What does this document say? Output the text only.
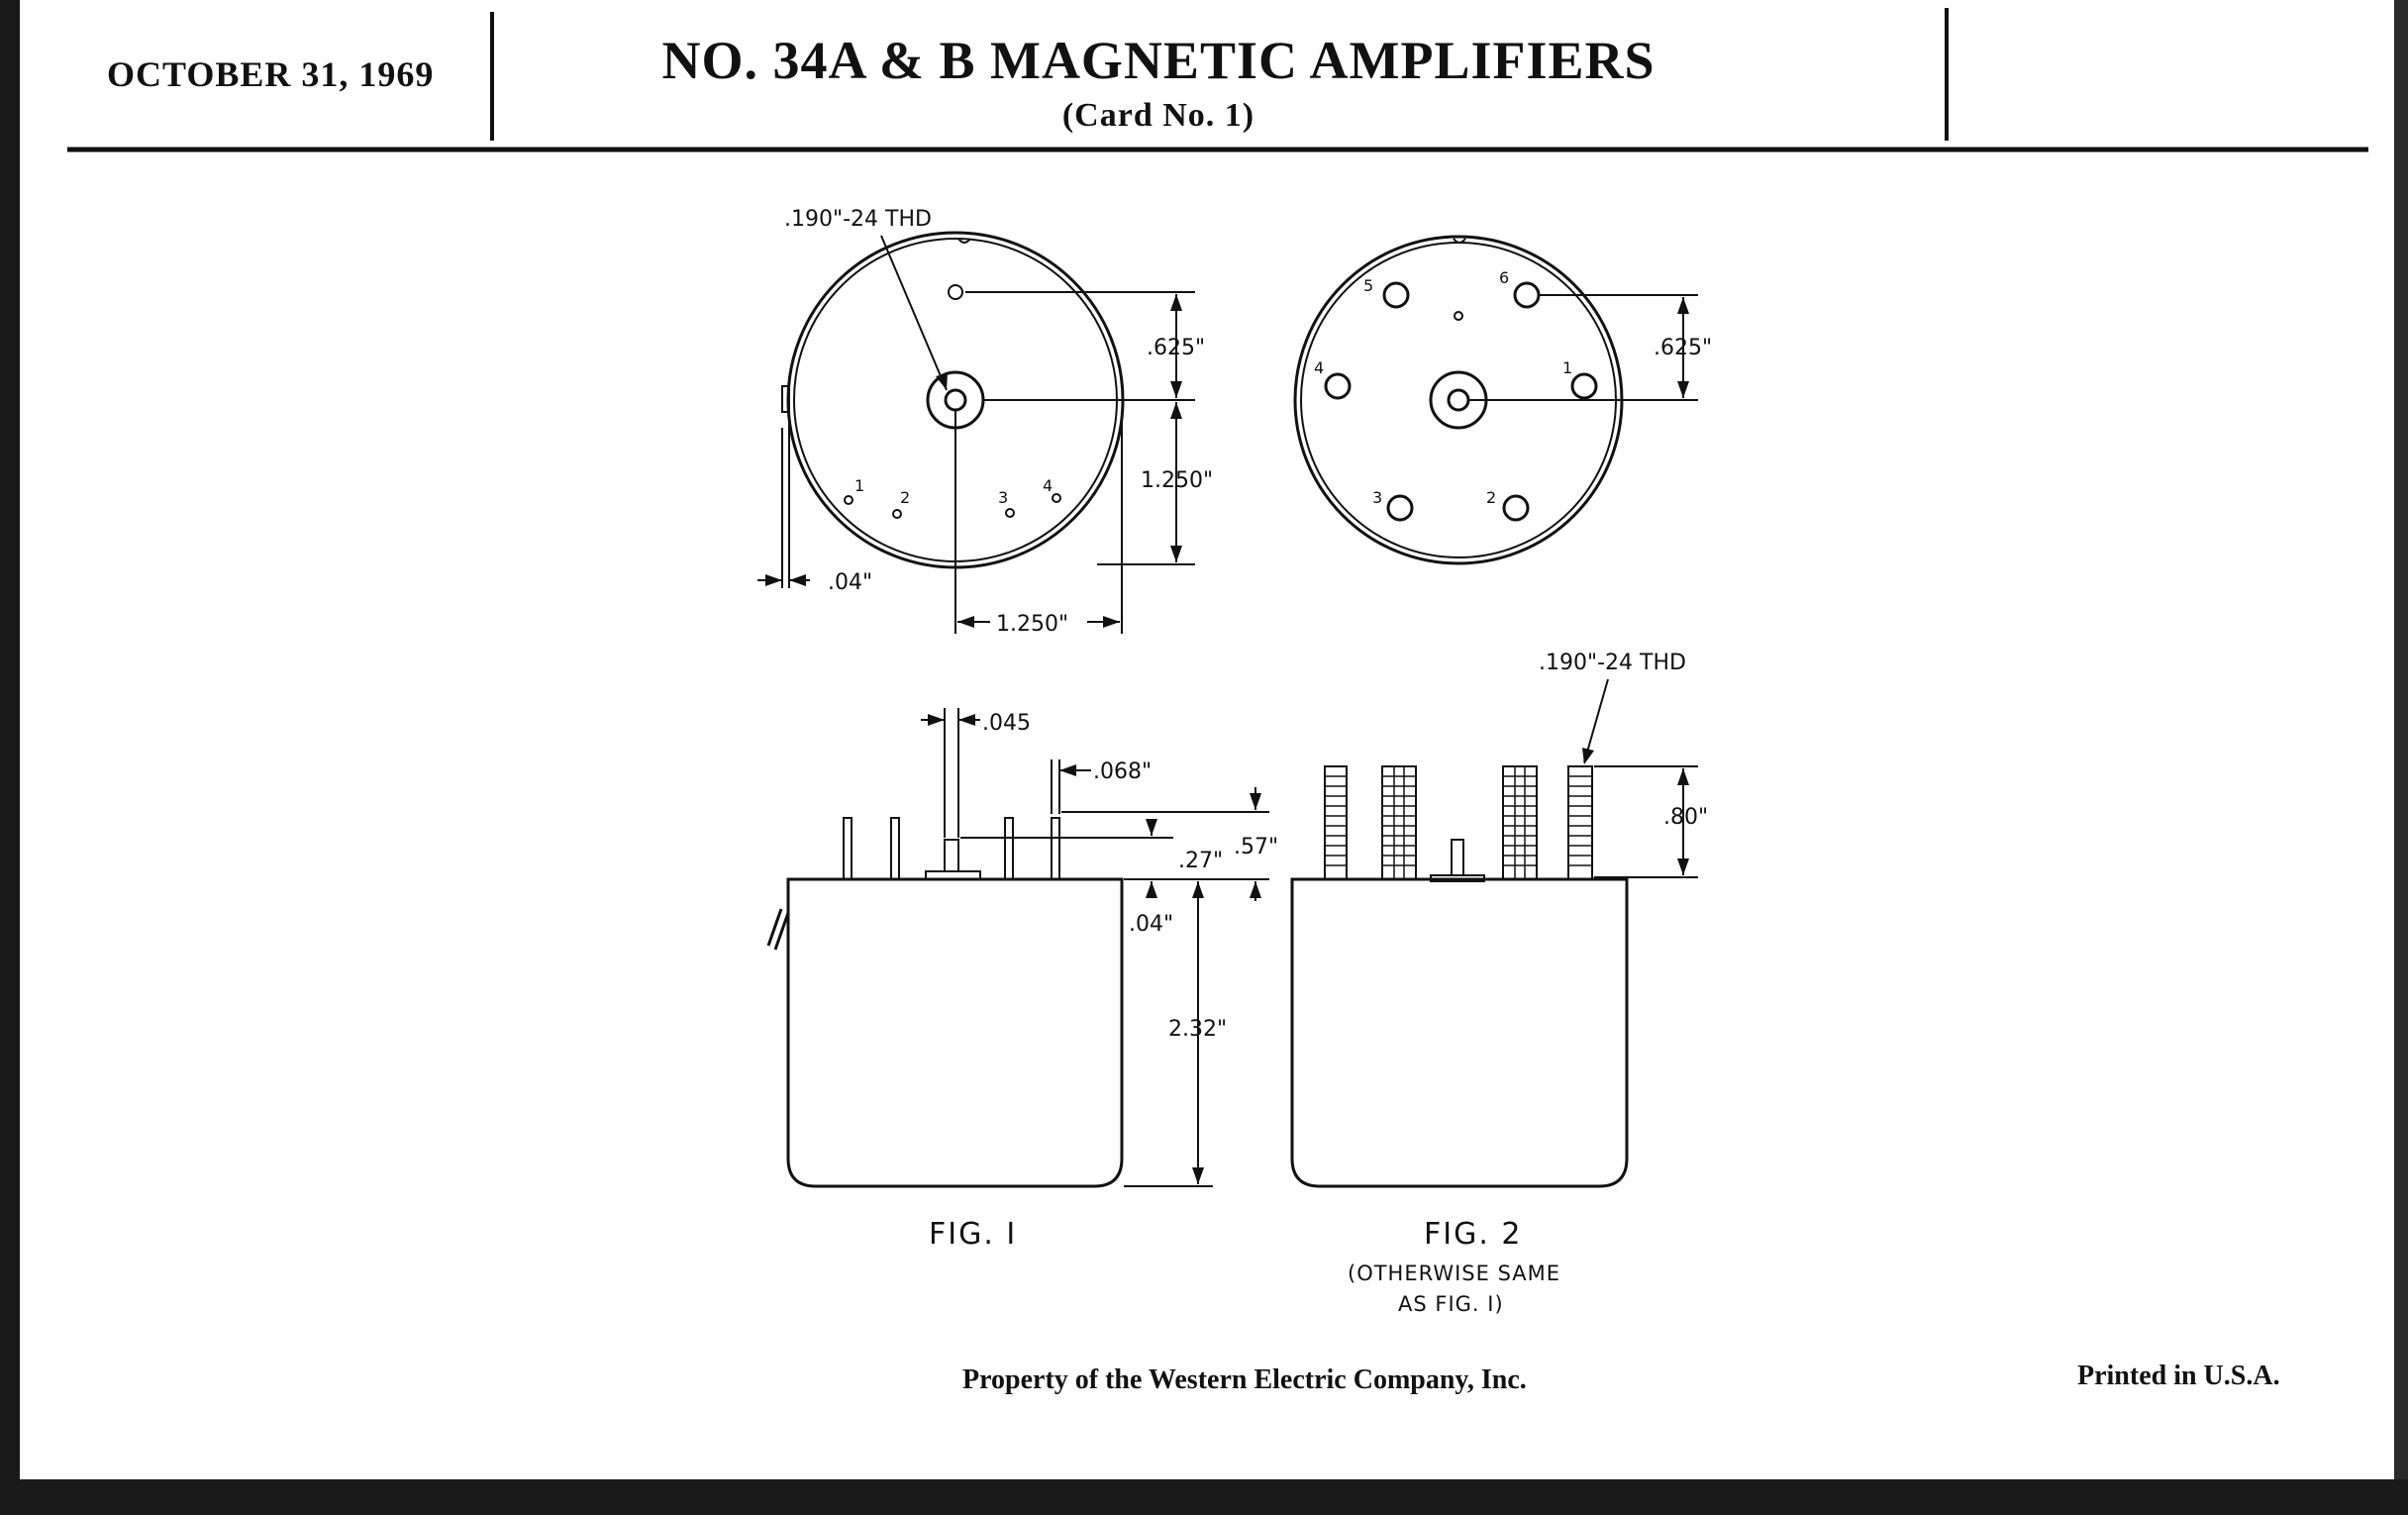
OCTOBER 31, 1969	NO. 34A & B MAGNETIC AMPLIFIERS
(Card No. 1)
.190"-24 THD
.625"
1.250"
1.250"
.04"
1
2	3
4
.625"
1
2
3
4
5	6
.045
.068"
.27"
.57"
.04"
2.32"
.190"-24 THD
.80"
FIG. I	FIG. 2
(OTHERWISE SAME
AS FIG. I)
Property of the Western Electric Company, Inc.	Printed in U.S.A.
